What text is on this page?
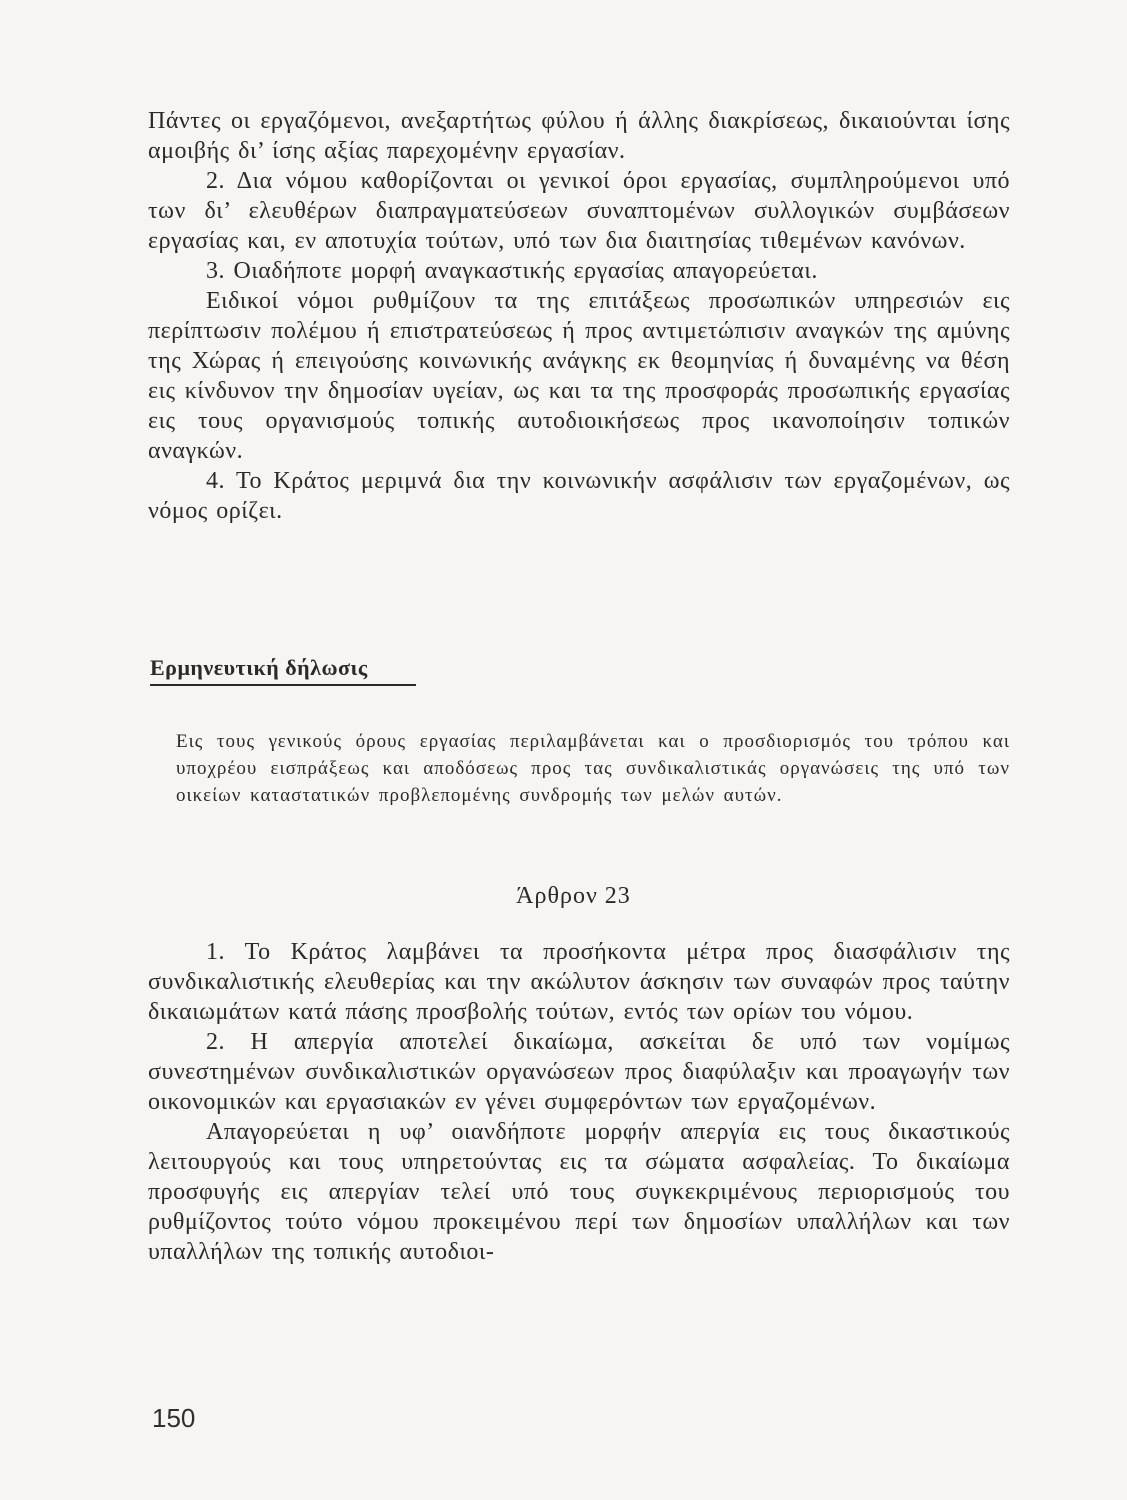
Πάντες οι εργαζόμενοι, ανεξαρτήτως φύλου ή άλλης διακρίσεως, δικαιούνται ίσης αμοιβής δι’ ίσης αξίας παρεχομένην εργασίαν.

2. Δια νόμου καθορίζονται οι γενικοί όροι εργασίας, συμπληρούμενοι υπό των δι’ ελευθέρων διαπραγματεύσεων συναπτομένων συλλογικών συμβάσεων εργασίας και, εν αποτυχία τούτων, υπό των δια διαιτησίας τιθεμένων κανόνων.

3. Οιαδήποτε μορφή αναγκαστικής εργασίας απαγορεύεται.

Ειδικοί νόμοι ρυθμίζουν τα της επιτάξεως προσωπικών υπηρεσιών εις περίπτωσιν πολέμου ή επιστρατεύσεως ή προς αντιμετώπισιν αναγκών της αμύνης της Χώρας ή επειγούσης κοινωνικής ανάγκης εκ θεομηνίας ή δυναμένης να θέση εις κίνδυνον την δημοσίαν υγείαν, ως και τα της προσφοράς προσωπικής εργασίας εις τους οργανισμούς τοπικής αυτοδιοικήσεως προς ικανοποίησιν τοπικών αναγκών.

4. Το Κράτος μεριμνά δια την κοινωνικήν ασφάλισιν των εργαζομένων, ως νόμος ορίζει.

Ερμηνευτική δήλωσις

Εις τους γενικούς όρους εργασίας περιλαμβάνεται και ο προσδιορισμός του τρόπου και υποχρέου εισπράξεως και αποδόσεως προς τας συνδικαλιστικάς οργανώσεις της υπό των οικείων καταστατικών προβλεπομένης συνδρομής των μελών αυτών.

Άρθρον 23

1. Το Κράτος λαμβάνει τα προσήκοντα μέτρα προς διασφάλισιν της συνδικαλιστικής ελευθερίας και την ακώλυτον άσκησιν των συναφών προς ταύτην δικαιωμάτων κατά πάσης προσβολής τούτων, εντός των ορίων του νόμου.

2. Η απεργία αποτελεί δικαίωμα, ασκείται δε υπό των νομίμως συνεστημένων συνδικαλιστικών οργανώσεων προς διαφύλαξιν και προαγωγήν των οικονομικών και εργασιακών εν γένει συμφερόντων των εργαζομένων.

Απαγορεύεται η υφ’ οιανδήποτε μορφήν απεργία εις τους δικαστικούς λειτουργούς και τους υπηρετούντας εις τα σώματα ασφαλείας. Το δικαίωμα προσφυγής εις απεργίαν τελεί υπό τους συγκεκριμένους περιορισμούς του ρυθμίζοντος τούτο νόμου προκειμένου περί των δημοσίων υπαλλήλων και των υπαλλήλων της τοπικής αυτοδιοι-

150
